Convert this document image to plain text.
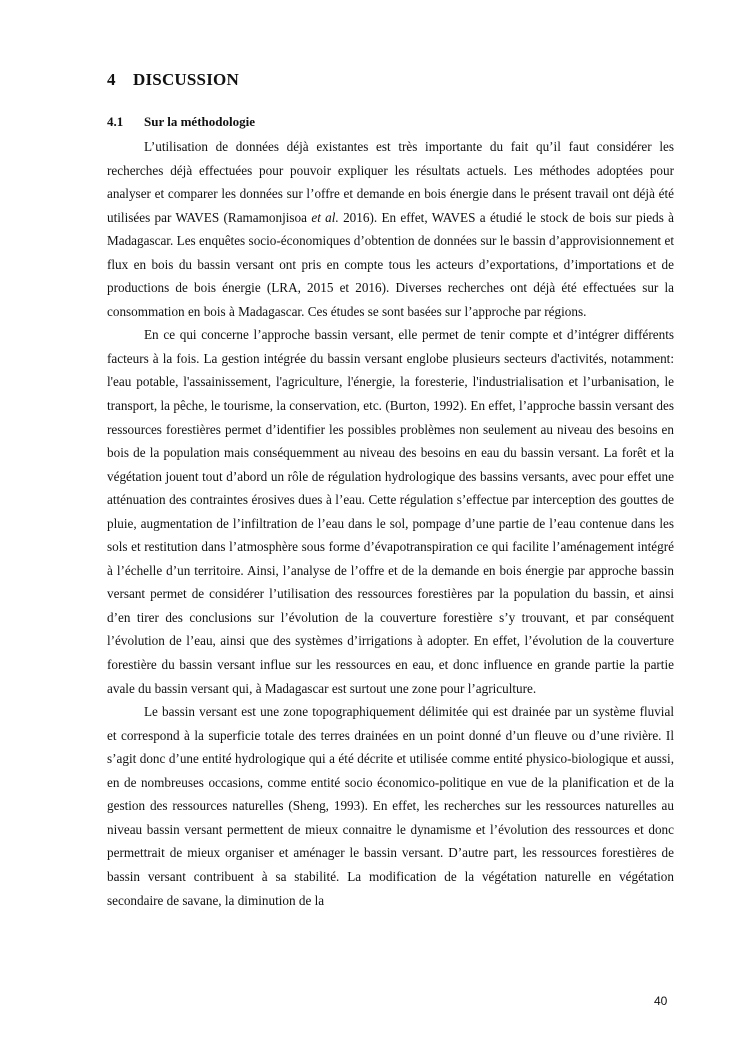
4 DISCUSSION
4.1 Sur la méthodologie

L’utilisation de données déjà existantes est très importante du fait qu’il faut considérer les recherches déjà effectuées pour pouvoir expliquer les résultats actuels. Les méthodes adoptées pour analyser et comparer les données sur l’offre et demande en bois énergie dans le présent travail ont déjà été utilisées par WAVES (Ramamonjisoa et al. 2016). En effet, WAVES a étudié le stock de bois sur pieds à Madagascar. Les enquêtes socio-économiques d’obtention de données sur le bassin d’approvisionnement et flux en bois du bassin versant ont pris en compte tous les acteurs d’exportations, d’importations et de productions de bois énergie (LRA, 2015 et 2016). Diverses recherches ont déjà été effectuées sur la consommation en bois à Madagascar. Ces études se sont basées sur l’approche par régions.

En ce qui concerne l’approche bassin versant, elle permet de tenir compte et d’intégrer différents facteurs à la fois. La gestion intégrée du bassin versant englobe plusieurs secteurs d'activités, notamment: l'eau potable, l'assainissement, l'agriculture, l'énergie, la foresterie, l'industrialisation et l’urbanisation, le transport, la pêche, le tourisme, la conservation, etc. (Burton, 1992). En effet, l’approche bassin versant des ressources forestières permet d’identifier les possibles problèmes non seulement au niveau des besoins en bois de la population mais conséquemment au niveau des besoins en eau du bassin versant. La forêt et la végétation jouent tout d’abord un rôle de régulation hydrologique des bassins versants, avec pour effet une atténuation des contraintes érosives dues à l’eau. Cette régulation s’effectue par interception des gouttes de pluie, augmentation de l’infiltration de l’eau dans le sol, pompage d’une partie de l’eau contenue dans les sols et restitution dans l’atmosphère sous forme d’évapotranspiration ce qui facilite l’aménagement intégré à l’échelle d’un territoire. Ainsi, l’analyse de l’offre et de la demande en bois énergie par approche bassin versant permet de considérer l’utilisation des ressources forestières par la population du bassin, et ainsi d’en tirer des conclusions sur l’évolution de la couverture forestière s’y trouvant, et par conséquent l’évolution de l’eau, ainsi que des systèmes d’irrigations à adopter. En effet, l’évolution de la couverture forestière du bassin versant influe sur les ressources en eau, et donc influence en grande partie la partie avale du bassin versant qui, à Madagascar est surtout une zone pour l’agriculture.

Le bassin versant est une zone topographiquement délimitée qui est drainée par un système fluvial et correspond à la superficie totale des terres drainées en un point donné d’un fleuve ou d’une rivière. Il s’agit donc d’une entité hydrologique qui a été décrite et utilisée comme entité physico-biologique et aussi, en de nombreuses occasions, comme entité socio économico-politique en vue de la planification et de la gestion des ressources naturelles (Sheng, 1993). En effet, les recherches sur les ressources naturelles au niveau bassin versant permettent de mieux connaitre le dynamisme et l’évolution des ressources et donc permettrait de mieux organiser et aménager le bassin versant. D’autre part, les ressources forestières de bassin versant contribuent à sa stabilité. La modification de la végétation naturelle en végétation secondaire de savane, la diminution de la

40
